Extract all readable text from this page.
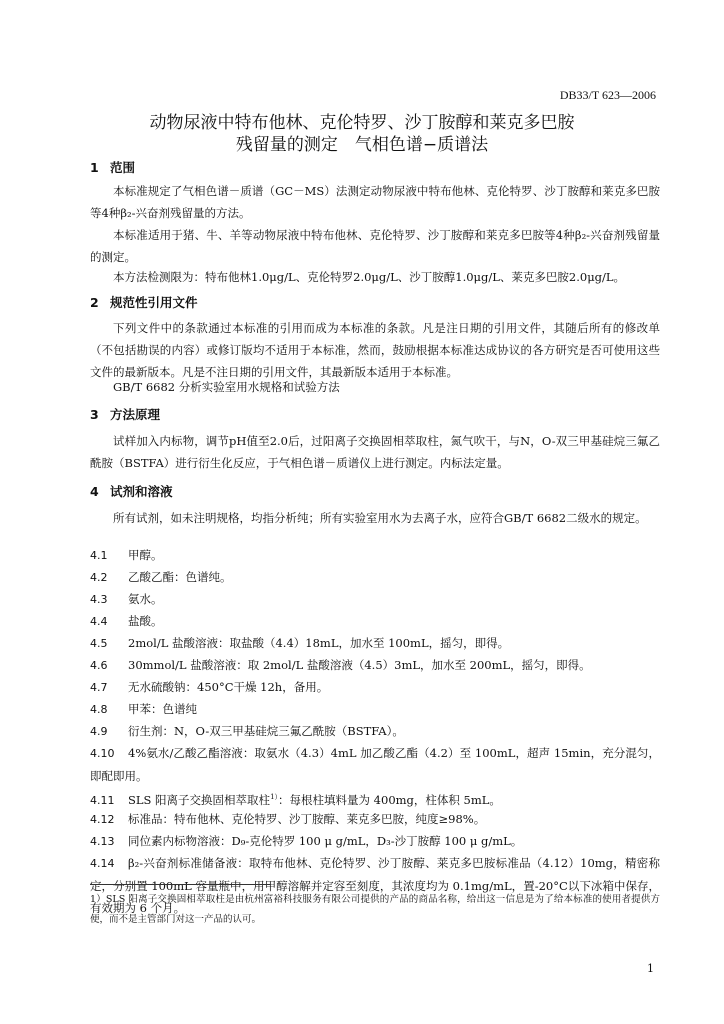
DB33/T 623—2006
动物尿液中特布他林、克伦特罗、沙丁胺醇和莱克多巴胺
残留量的测定　气相色谱−质谱法
1 范围
本标准规定了气相色谱－质谱（GC－MS）法测定动物尿液中特布他林、克伦特罗、沙丁胺醇和莱克多巴胺等4种β₂-兴奋剂残留量的方法。
本标准适用于猪、牛、羊等动物尿液中特布他林、克伦特罗、沙丁胺醇和莱克多巴胺等4种β₂-兴奋剂残留量的测定。
本方法检测限为：特布他林1.0μg/L、克伦特罗2.0μg/L、沙丁胺醇1.0μg/L、莱克多巴胺2.0μg/L。
2 规范性引用文件
下列文件中的条款通过本标准的引用而成为本标准的条款。凡是注日期的引用文件，其随后所有的修改单（不包括勘误的内容）或修订版均不适用于本标准，然而，鼓励根据本标准达成协议的各方研究是否可使用这些文件的最新版本。凡是不注日期的引用文件，其最新版本适用于本标准。
GB/T 6682 分析实验室用水规格和试验方法
3 方法原理
试样加入内标物，调节pH值至2.0后，过阳离子交换固相萃取柱，氮气吹干，与N，O-双三甲基硅烷三氟乙酰胺（BSTFA）进行衍生化反应，于气相色谱－质谱仪上进行测定。内标法定量。
4 试剂和溶液
所有试剂，如未注明规格，均指分析纯；所有实验室用水为去离子水，应符合GB/T 6682二级水的规定。
4.1 甲醇。
4.2 乙酸乙酯：色谱纯。
4.3 氨水。
4.4 盐酸。
4.5 2mol/L 盐酸溶液：取盐酸（4.4）18mL，加水至 100mL，摇匀，即得。
4.6 30mmol/L 盐酸溶液：取 2mol/L 盐酸溶液（4.5）3mL，加水至 200mL，摇匀，即得。
4.7 无水硫酸钠：450°C干燥 12h，备用。
4.8 甲苯：色谱纯
4.9 衍生剂：N，O-双三甲基硅烷三氟乙酰胺（BSTFA）。
4.10 4%氨水/乙酸乙酯溶液：取氨水（4.3）4mL 加乙酸乙酯（4.2）至 100mL，超声 15min，充分混匀，即配即用。
4.11 SLS 阳离子交换固相萃取柱$^{1)}$：每根柱填料量为 400mg，柱体积 5mL。
4.12 标准品：特布他林、克伦特罗、沙丁胺醇、莱克多巴胺，纯度≥98%。
4.13 同位素内标物溶液：D₉-克伦特罗 100 μ g/mL，D₃-沙丁胺醇 100 μ g/mL。
4.14 β₂-兴奋剂标准储备液：取特布他林、克伦特罗、沙丁胺醇、莱克多巴胺标准品（4.12）10mg，精密称定，分别置 100mL 容量瓶中，用甲醇溶解并定容至刻度，其浓度均为 0.1mg/mL，置-20°C以下冰箱中保存，有效期为 6 个月。
1）SLS 阳离子交换固相萃取柱是由杭州富裕科技服务有限公司提供的产品的商品名称，给出这一信息是为了给本标准的使用者提供方便，而不是主管部门对这一产品的认可。
1
